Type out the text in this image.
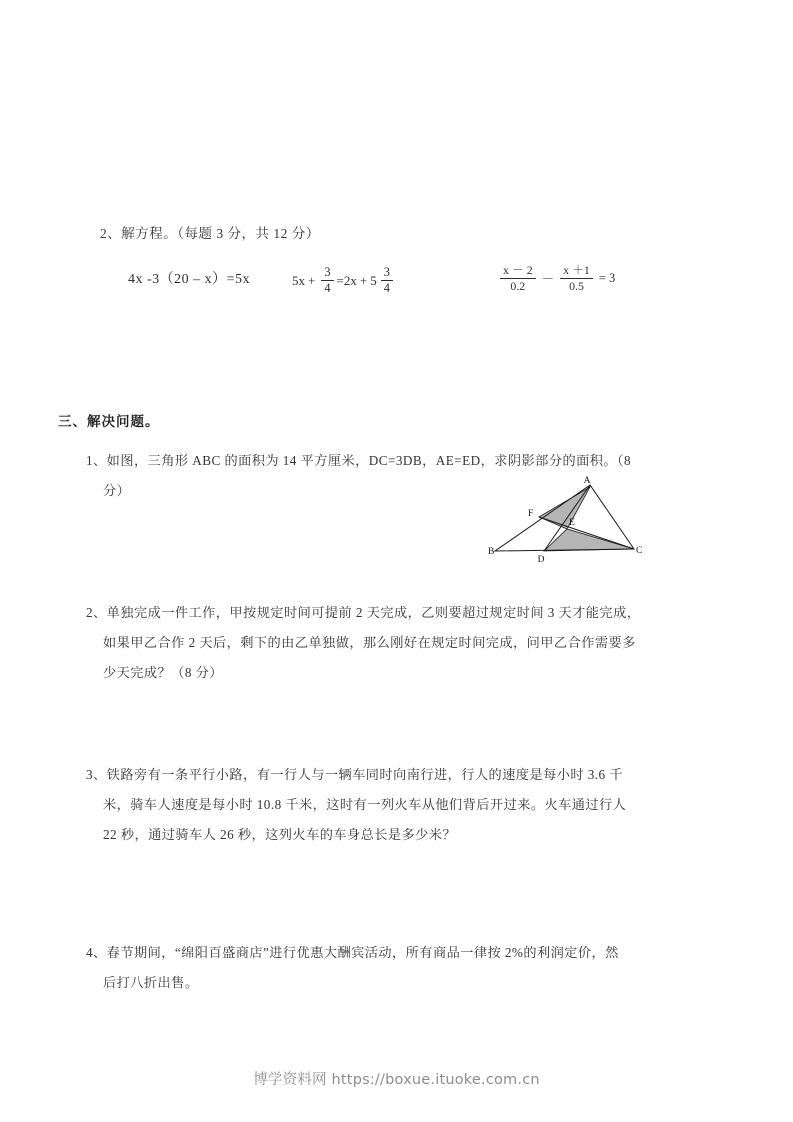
2、解方程。（每题 3 分，共 12 分）
4x -3（20 – x）=5x	$5x + \frac{3}{4} =2x + 5 \frac{3}{4}$	$\frac{x - 2}{0.2} - \frac{x +1}{0.5} = 3$
三、解决问题。
1、如图，三角形 ABC 的面积为 14 平方厘米，DC=3DB，AE=ED，求阴影部分的面积。（8
分）
A
B	C
D
E
F
2、单独完成一件工作，甲按规定时间可提前 2 天完成，乙则要超过规定时间 3 天才能完成，
如果甲乙合作 2 天后，剩下的由乙单独做，那么刚好在规定时间完成，问甲乙合作需要多
少天完成？（8 分）
3、铁路旁有一条平行小路，有一行人与一辆车同时向南行进，行人的速度是每小时 3.6 千
米，骑车人速度是每小时 10.8 千米，这时有一列火车从他们背后开过来。火车通过行人
22 秒，通过骑车人 26 秒，这列火车的车身总长是多少米？
4、春节期间，“绵阳百盛商店”进行优惠大酬宾活动，所有商品一律按 2%的利润定价，然
后打八折出售。
博学资料网 https://boxue.ituoke.com.cn
